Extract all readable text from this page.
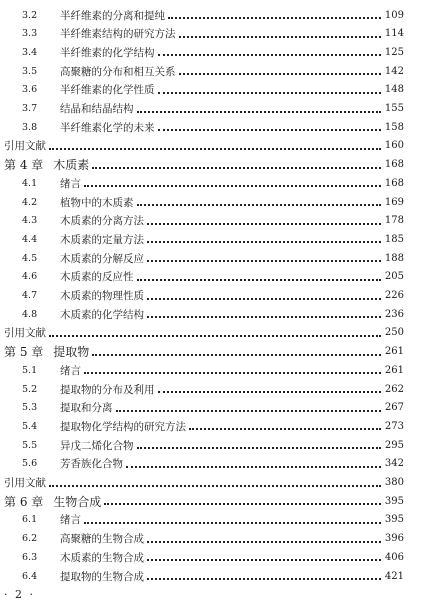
3.2 半纤维素的分离和提纯	109
3.3 半纤维素结构的研究方法	114
3.4 半纤维素的化学结构	125
3.5 高聚糖的分布和相互关系	142
3.6 半纤维素的化学性质	148
3.7 结晶和结晶结构	155
3.8 半纤维素化学的未来	158
引用文献	160
第 4 章 木质素	168
4.1 绪言	168
4.2 植物中的木质素	169
4.3 木质素的分离方法	178
4.4 木质素的定量方法	185
4.5 木质素的分解反应	188
4.6 木质素的反应性	205
4.7 木质素的物理性质	226
4.8 木质素的化学结构	236
引用文献	250
第 5 章 提取物	261
5.1 绪言	261
5.2 提取物的分布及利用	262
5.3 提取和分离	267
5.4 提取物化学结构的研究方法	273
5.5 异戊二烯化合物	295
5.6 芳香族化合物	342
引用文献	380
第 6 章 生物合成	395
6.1 绪言	395
6.2 高聚糖的生物合成	396
6.3 木质素的生物合成	406
6.4 提取物的生物合成	421
· 2 ·
